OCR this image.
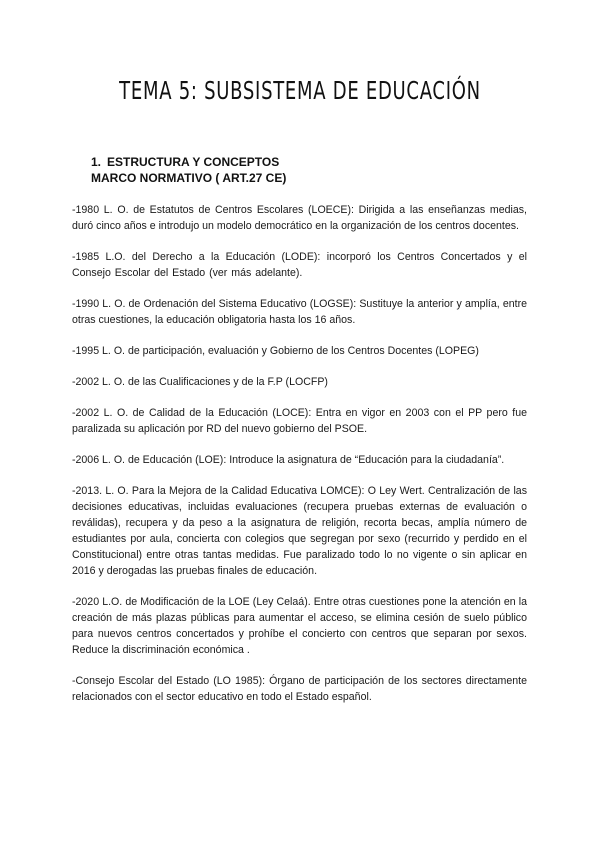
TEMA 5: SUBSISTEMA DE EDUCACIÓN
1. ESTRUCTURA Y CONCEPTOS
MARCO NORMATIVO ( ART.27 CE)

-1980 L. O. de Estatutos de Centros Escolares (LOECE): Dirigida a las enseñanzas medias, duró cinco años e introdujo un modelo democrático en la organización de los centros docentes.

-1985 L.O. del Derecho a la Educación (LODE): incorporó los Centros Concertados y el Consejo Escolar del Estado (ver más adelante).

-1990 L. O. de Ordenación del Sistema Educativo (LOGSE): Sustituye la anterior y amplía, entre otras cuestiones, la educación obligatoria hasta los 16 años.

-1995 L. O. de participación, evaluación y Gobierno de los Centros Docentes (LOPEG)

-2002 L. O. de las Cualificaciones y de la F.P (LOCFP)

-2002 L. O. de Calidad de la Educación (LOCE): Entra en vigor en 2003 con el PP pero fue paralizada su aplicación por RD del nuevo gobierno del PSOE.

-2006 L. O. de Educación (LOE): Introduce la asignatura de “Educación para la ciudadanía”.

-2013. L. O. Para la Mejora de la Calidad Educativa LOMCE): O Ley Wert. Centralización de las decisiones educativas, incluidas evaluaciones (recupera pruebas externas de evaluación o reválidas), recupera y da peso a la asignatura de religión, recorta becas, amplía número de estudiantes por aula, concierta con colegios que segregan por sexo (recurrido y perdido en el Constitucional) entre otras tantas medidas. Fue paralizado todo lo no vigente o sin aplicar en 2016 y derogadas las pruebas finales de educación.

-2020 L.O. de Modificación de la LOE (Ley Celaá). Entre otras cuestiones pone la atención en la creación de más plazas públicas para aumentar el acceso, se elimina cesión de suelo público para nuevos centros concertados y prohíbe el concierto con centros que separan por sexos. Reduce la discriminación económica .

-Consejo Escolar del Estado (LO 1985): Órgano de participación de los sectores directamente relacionados con el sector educativo en todo el Estado español.
